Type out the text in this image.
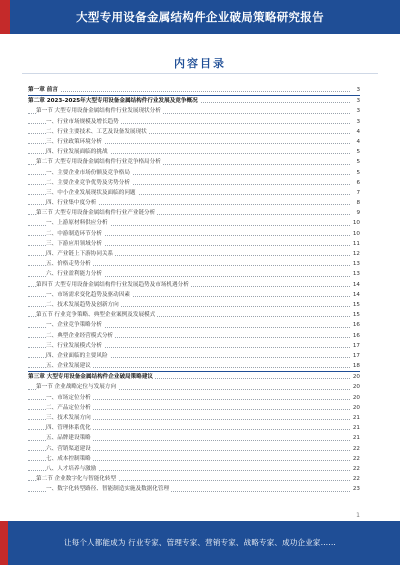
大型专用设备金属结构件企业破局策略研究报告
内容目录
第一章 前言	3
第二章 2023-2025年大型专用设备金属结构件行业发展及竞争概况	3
第一节 大型专用设备金属结构件行业发展现状分析	3
一、行业市场规模及增长趋势	3
二、行业主要技术、工艺及设备发展现状	4
三、行业政策环境分析	4
四、行业发展面临的挑战	5
第二节 大型专用设备金属结构件行业竞争格局分析	5
一、主要企业市场份额及竞争格局	5
二、主要企业竞争优势及劣势分析	6
三、中小企业发展现状及面临的问题	7
四、行业集中度分析	8
第三节 大型专用设备金属结构件行业产业链分析	9
一、上游原材料供应分析	10
二、中游制造环节分析	10
三、下游应用领域分析	11
四、产业链上下游协同关系	12
五、价格走势分析	13
六、行业盈利能力分析	13
第四节 大型专用设备金属结构件行业发展趋势及市场机遇分析	14
一、市场需求变化趋势及驱动因素	14
二、技术发展趋势及创新方向	15
第五节 行业竞争策略、典型企业案例及发展模式	15
一、企业竞争策略分析	16
二、典型企业经营模式分析	16
三、行业发展模式分析	17
四、企业面临的主要风险	17
五、企业发展建议	18
第三章 大型专用设备金属结构件企业破局策略建议	20
第一节 企业战略定位与发展方向	20
一、市场定位分析	20
二、产品定位分析	20
三、技术发展方向	21
四、管理体系优化	21
五、品牌建设策略	21
六、营销渠道建设	22
七、成本控制策略	22
八、人才培养与激励	22
第二节 企业数字化与智能化转型	22
一、数字化转型路径、智能制造实施及数据化管理	23
1
让每个人都能成为 行业专家、管理专家、营销专家、战略专家、成功企业家……
